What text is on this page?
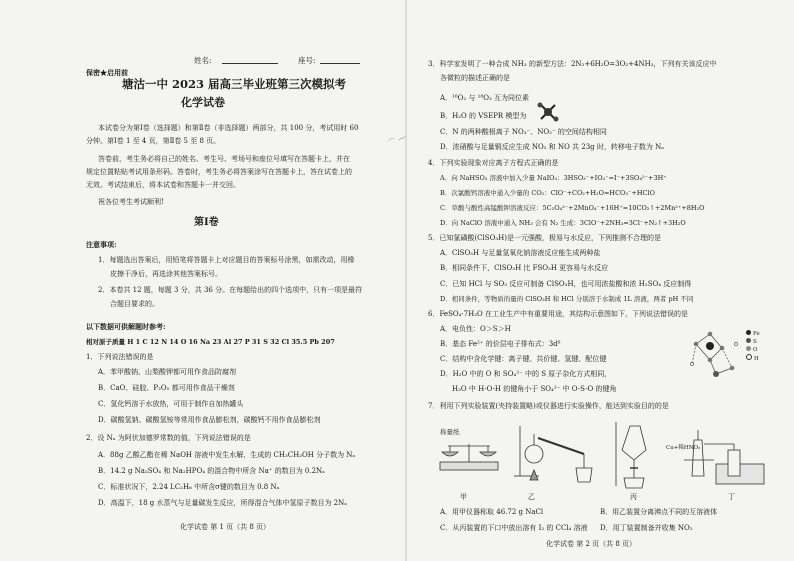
姓名:	座号:
保密★启用前
塘沽一中 2023 届高三毕业班第三次模拟考
化学试卷
本试卷分为第Ⅰ卷（选择题）和第Ⅱ卷（非选择题）两部分，共 100 分，考试用时 60
分钟。第Ⅰ卷 1 至 4 页，第Ⅱ卷 5 至 8 页。
答卷前，考生务必将自己的姓名、考生号、考场号和座位号填写在答题卡上，并在
规定位置粘贴考试用条形码。答卷时，考生务必将答案涂写在答题卡上，答在试卷上的
无效。考试结束后，将本试卷和答题卡一并交回。
祝各位考生考试顺利!
第Ⅰ卷
注意事项:
1．每题选出答案后，用铅笔将答题卡上对应题目的答案标号涂黑，如需改动，用橡
皮擦干净后，再选涂其他答案标号。
2．本卷共 12 题，每题 3 分，共 36 分。在每题给出的四个选项中，只有一项是最符
合题目要求的。
以下数据可供解题时参考:
相对原子质量 H 1 C 12 N 14 O 16 Na 23 Al 27 P 31 S 32 Cl 35.5 Pb 207
1．下列说法错误的是
A．苯甲酸钠、山梨酸钾都可用作食品防腐剂
B．CaO、硅胶、P₂O₅ 都可用作食品干燥剂
C．氢化钙溶于水放热，可用于制作自加热罐头
D．碳酸氢钠、碳酸氢铵等常用作食品膨松剂，碳酸钙不用作食品膨松剂
2．设 Nₐ 为阿伏加德罗常数的值，下列说法错误的是
A．88g 乙酸乙酯在稀 NaOH 溶液中发生水解，生成的 CH₃CH₂OH 分子数为 Nₐ
B．14.2 g Na₂SO₄ 和 Na₂HPO₄ 的混合物中所含 Na⁺ 的数目为 0.2Nₐ
C．标准状况下，2.24 LC₂H₆ 中所含σ键的数目为 0.8 Nₐ
D．高温下，18 g 水蒸气与足量碳发生反应，所得混合气体中氢原子数目为 2Nₐ
化学试卷 第 1 页（共 8 页）
⌒ ⁓
3．科学家发明了一种合成 NH₃ 的新型方法：2N₂+6H₂O=3O₂+4NH₃，下列有关该反应中
各微粒的描述正确的是
A．¹⁶O₂ 与 ¹⁸O₃ 互为同位素
B．H₂O 的 VSEPR 模型为
C．N 的两种酸根离子 NO₃⁻、NO₂⁻ 的空间结构相同
D．浓硝酸与足量铜反应生成 NO₂ 和 NO 共 23g 时，转移电子数为 Nₐ
4．下列实验现象对应离子方程式正确的是
A．向 NaHSO₃ 溶液中加入少量 NaIO₃：3HSO₃⁻+IO₃⁻=I⁻+3SO₄²⁻+3H⁺
B．次氯酸钙溶液中通入少量的 CO₂：ClO⁻+CO₂+H₂O=HCO₃⁻+HClO
C．草酸与酸性高锰酸钾溶液反应：5C₂O₄²⁻+2MnO₄⁻+16H⁺=10CO₂↑+2Mn²⁺+8H₂O
D．向 NaClO 溶液中通入 NH₃ 会有 N₂ 生成：3ClO⁻+2NH₃=3Cl⁻+N₂↑+3H₂O
5．已知氯磺酸(ClSO₃H)是一元强酸，极易与水反应，下列推测不合理的是
A．ClSO₃H 与足量氢氧化钠溶液反应能生成两种盐
B．相同条件下，ClSO₃H 比 FSO₃H 更容易与水反应
C．已知 HCl 与 SO₃ 反应可制备 ClSO₃H，也可用浓盐酸和浓 H₂SO₄ 反应制得
D．相同条件，等物质的量的 ClSO₃H 和 HCl 分别溶于水制成 1L 溶液，两者 pH 不同
6．FeSO₄·7H₂O 在工业生产中有重要用途，其结构示意图如下，下列说法错误的是
A．电负性：O＞S＞H
B．基态 Fe²⁺ 的价层电子排布式：3d⁶
C．结构中含化学键：离子键、共价键、氢键、配位键
D．H₂O 中的 O 和 SO₄²⁻ 中的 S 原子杂化方式相同，
H₂O 中 H-O-H 的键角小于 SO₄²⁻ 中 O-S-O 的键角
Fe
S
O
H
7．利用下列实验装置(夹持装置略)或仪器进行实验操作，能达到实验目的的是
称量纸
Cu+稀HNO₃
甲	乙	丙	丁
A．用甲仪器称取 46.72 g NaCl	B．用乙装置分离沸点不同的互溶液体
C．从丙装置的下口中放出溶有 I₂ 的 CCl₄ 溶液 D．用丁装置制备并收集 NO₂
化学试卷 第 2 页（共 8 页）
